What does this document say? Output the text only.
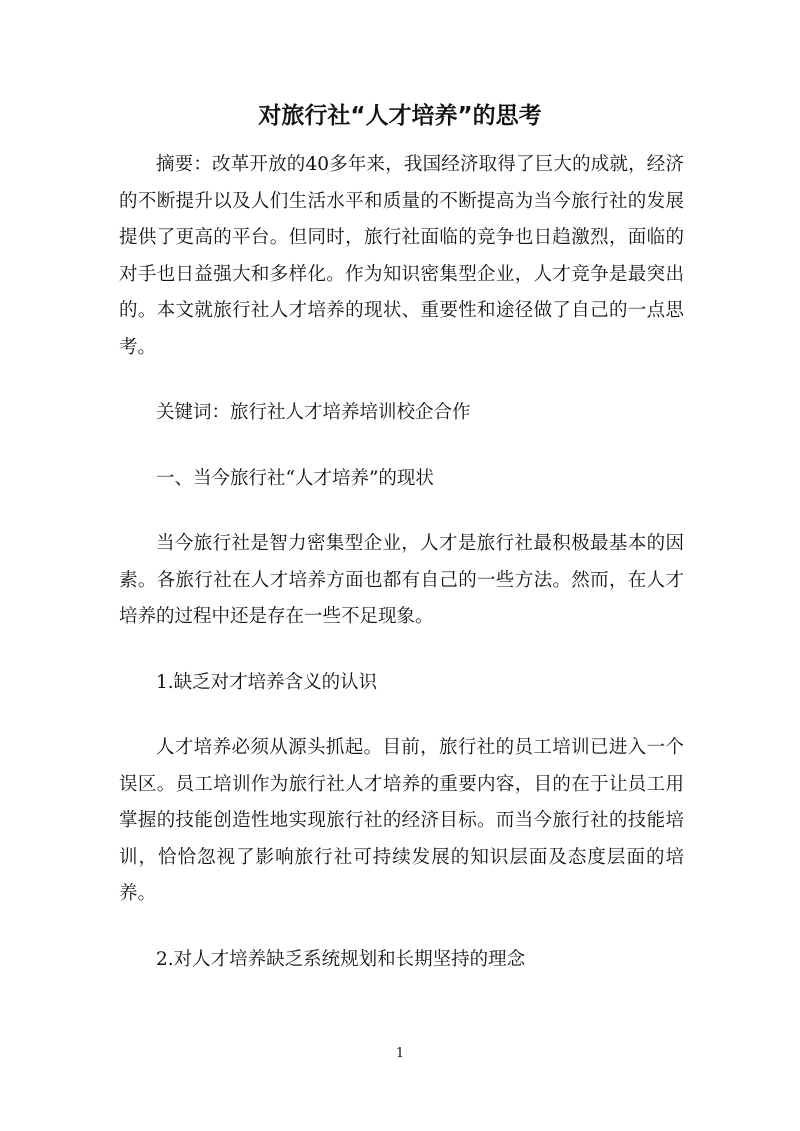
对旅行社“人才培养”的思考

摘要：改革开放的40多年来，我国经济取得了巨大的成就，经济的不断提升以及人们生活水平和质量的不断提高为当今旅行社的发展提供了更高的平台。但同时，旅行社面临的竞争也日趋激烈，面临的对手也日益强大和多样化。作为知识密集型企业，人才竞争是最突出的。本文就旅行社人才培养的现状、重要性和途径做了自己的一点思考。

关键词：旅行社人才培养培训校企合作

一、当今旅行社“人才培养”的现状

当今旅行社是智力密集型企业，人才是旅行社最积极最基本的因素。各旅行社在人才培养方面也都有自己的一些方法。然而，在人才培养的过程中还是存在一些不足现象。

1.缺乏对才培养含义的认识

人才培养必须从源头抓起。目前，旅行社的员工培训已进入一个误区。员工培训作为旅行社人才培养的重要内容，目的在于让员工用掌握的技能创造性地实现旅行社的经济目标。而当今旅行社的技能培训，恰恰忽视了影响旅行社可持续发展的知识层面及态度层面的培养。

2.对人才培养缺乏系统规划和长期坚持的理念

1
